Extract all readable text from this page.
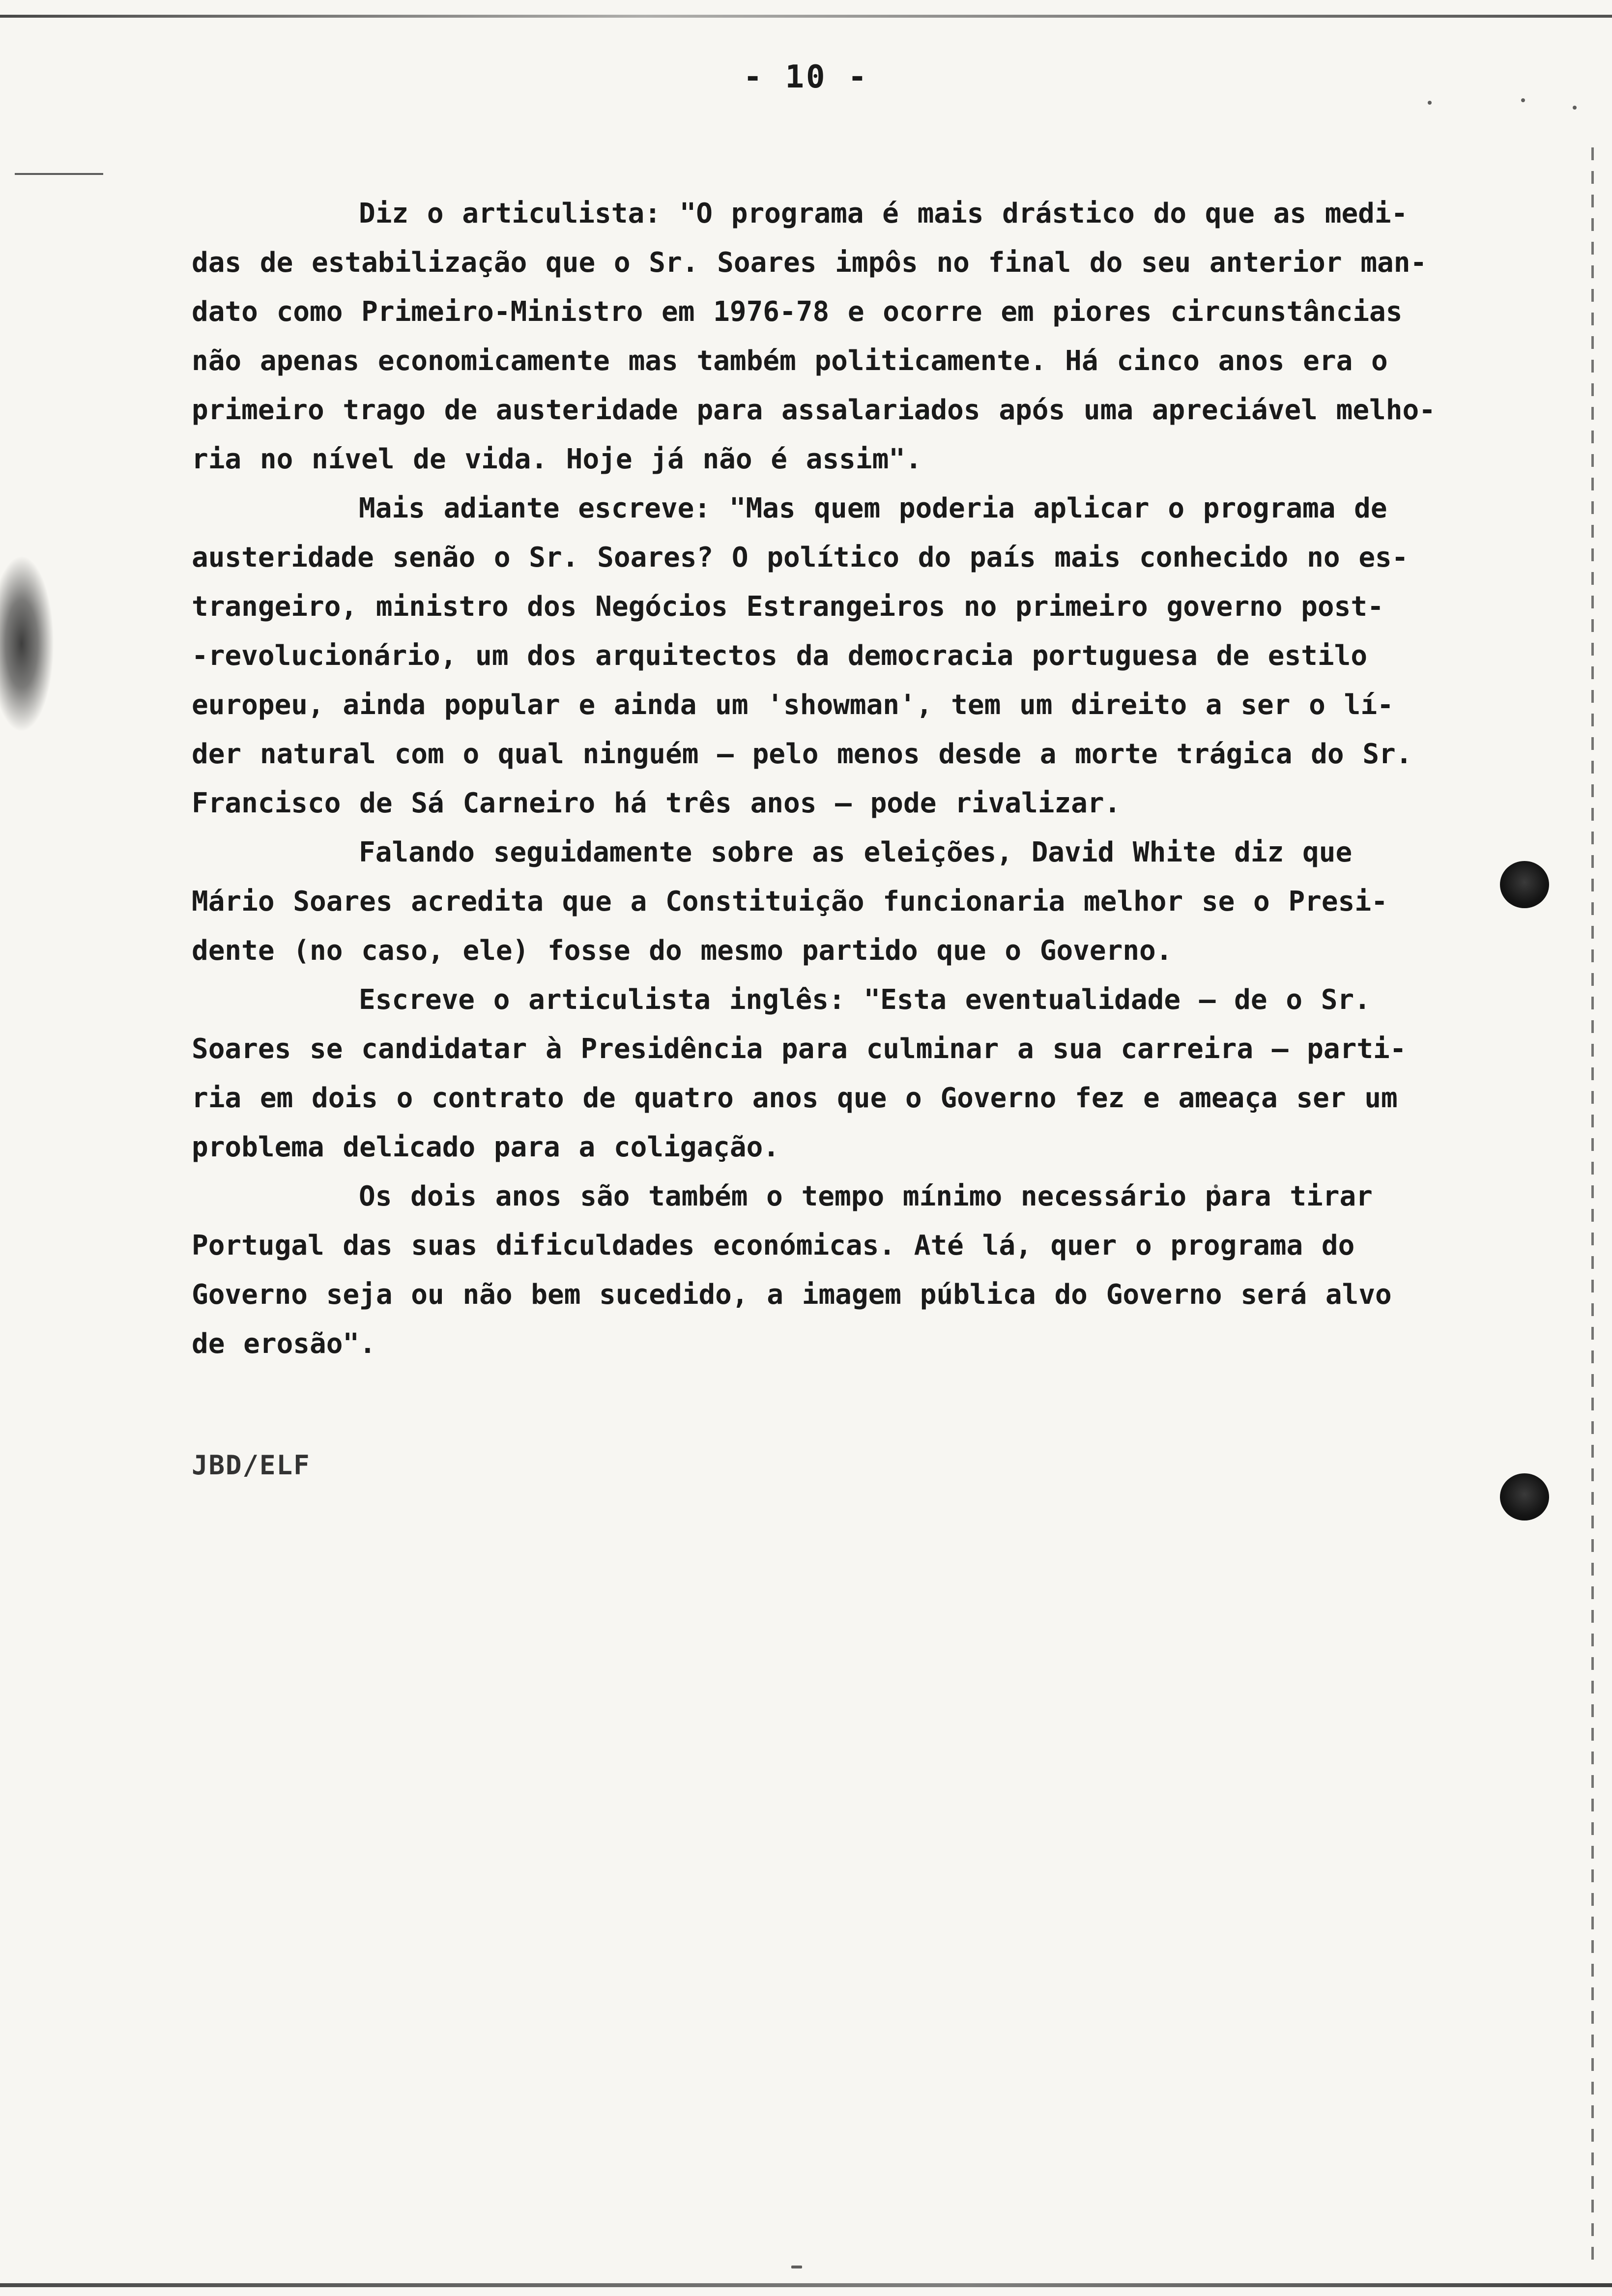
- 10 -
Diz o articulista: "O programa é mais drástico do que as medi-
das de estabilização que o Sr. Soares impôs no final do seu anterior man-
dato como Primeiro-Ministro em 1976-78 e ocorre em piores circunstâncias
não apenas economicamente mas também politicamente. Há cinco anos era o
primeiro trago de austeridade para assalariados após uma apreciável melho-
ria no nível de vida. Hoje já não é assim".
Mais adiante escreve: "Mas quem poderia aplicar o programa de
austeridade senão o Sr. Soares? O político do país mais conhecido no es-
trangeiro, ministro dos Negócios Estrangeiros no primeiro governo post-
-revolucionário, um dos arquitectos da democracia portuguesa de estilo
europeu, ainda popular e ainda um 'showman', tem um direito a ser o lí-
der natural com o qual ninguém — pelo menos desde a morte trágica do Sr.
Francisco de Sá Carneiro há três anos — pode rivalizar.
Falando seguidamente sobre as eleições, David White diz que
Mário Soares acredita que a Constituição funcionaria melhor se o Presi-
dente (no caso, ele) fosse do mesmo partido que o Governo.
Escreve o articulista inglês: "Esta eventualidade — de o Sr.
Soares se candidatar à Presidência para culminar a sua carreira — parti-
ria em dois o contrato de quatro anos que o Governo fez e ameaça ser um
problema delicado para a coligação.
Os dois anos são também o tempo mínimo necessário para tirar
Portugal das suas dificuldades económicas. Até lá, quer o programa do
Governo seja ou não bem sucedido, a imagem pública do Governo será alvo
de erosão".
JBD/ELF
